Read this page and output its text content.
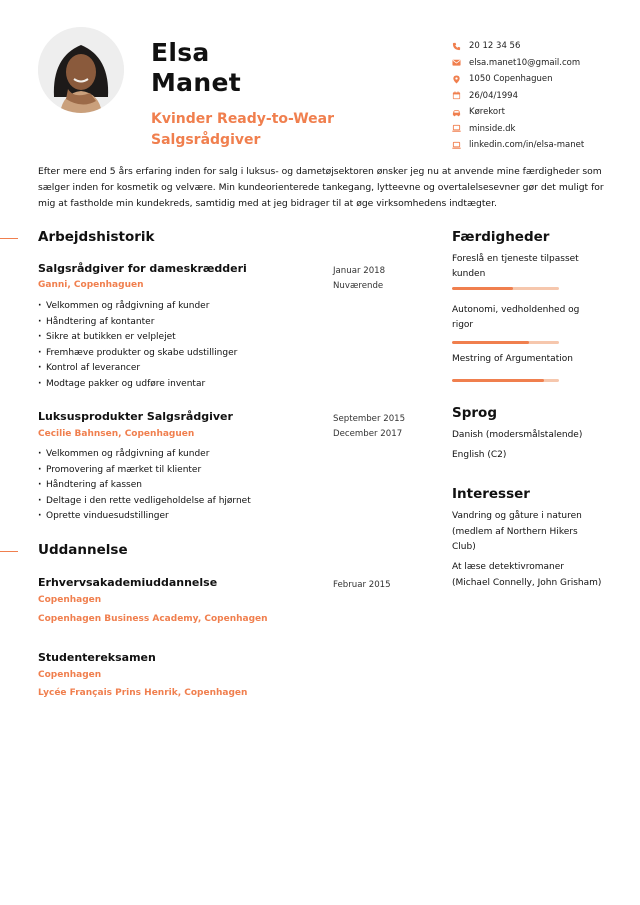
Elsa
Manet
Kvinder Ready-to-Wear
Salgsrådgiver
20 12 34 56
elsa.manet10@gmail.com
1050 Copenhaguen
26/04/1994
Kørekort
minside.dk
linkedin.com/in/elsa-manet
Efter mere end 5 års erfaring inden for salg i luksus- og dametøjsektoren ønsker jeg nu at anvende mine færdigheder som sælger inden for kosmetik og velvære. Min kundeorienterede tankegang, lytteevne og overtalelsesevner gør det muligt for mig at fastholde min kundekreds, samtidig med at jeg bidrager til at øge virksomhedens indtægter.
Arbejdshistorik
Salgsrådgiver for dameskrædderi
Ganni, Copenhaguen
Januar 2018
Nuværende
· Velkommen og rådgivning af kunder
· Håndtering af kontanter
· Sikre at butikken er velplejet
· Fremhæve produkter og skabe udstillinger
· Kontrol af leverancer
· Modtage pakker og udføre inventar
Luksusprodukter Salgsrådgiver
Cecilie Bahnsen, Copenhaguen
September 2015
December 2017
· Velkommen og rådgivning af kunder
· Promovering af mærket til klienter
· Håndtering af kassen
· Deltage i den rette vedligeholdelse af hjørnet
· Oprette vinduesudstillinger
Uddannelse
Erhvervsakademiuddannelse	Februar 2015
Copenhagen
Copenhagen Business Academy, Copenhagen
Studentereksamen
Copenhagen
Lycée Français Prins Henrik, Copenhagen
Færdigheder
Foreslå en tjeneste tilpasset kunden
Autonomi, vedholdenhed og rigor
Mestring of Argumentation
Sprog
Danish (modersmålstalende)
English (C2)
Interesser
Vandring og gåture i naturen (medlem af Northern Hikers Club)
At læse detektivromaner (Michael Connelly, John Grisham)
